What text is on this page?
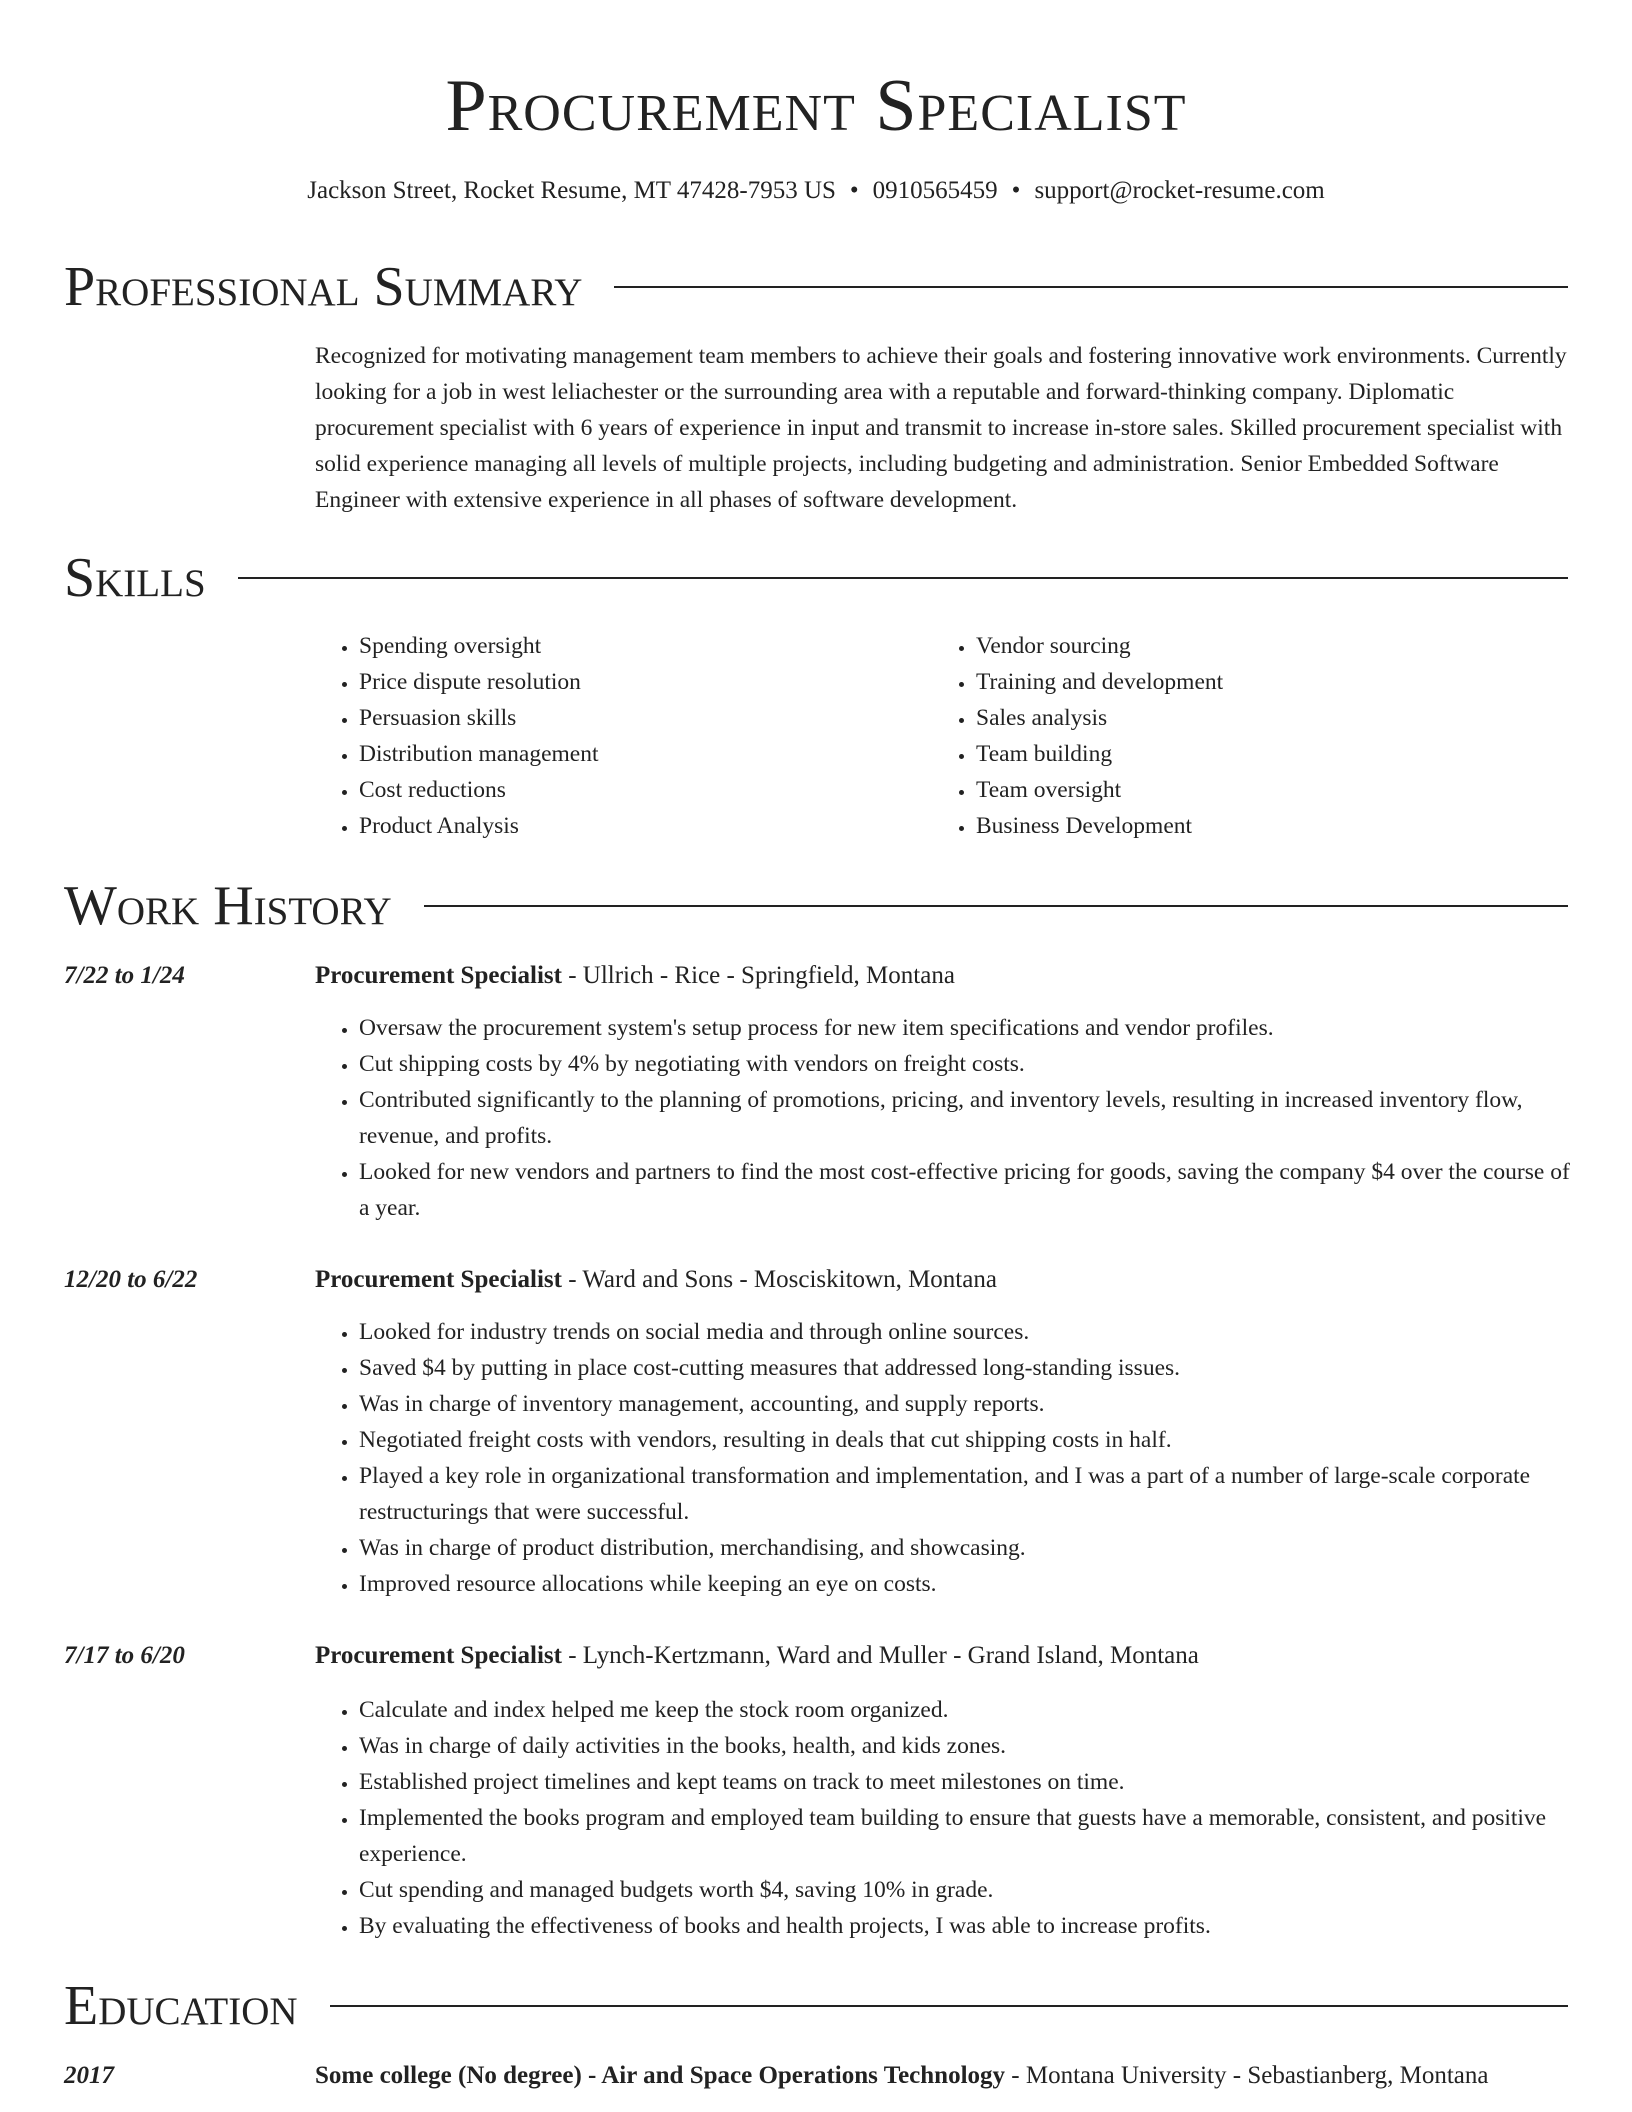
Procurement Specialist
Jackson Street, Rocket Resume, MT 47428-7953 US • 0910565459 • support@rocket-resume.com
Professional Summary

Recognized for motivating management team members to achieve their goals and fostering innovative work environments. Currently looking for a job in west leliachester or the surrounding area with a reputable and forward-thinking company. Diplomatic procurement specialist with 6 years of experience in input and transmit to increase in-store sales. Skilled procurement specialist with solid experience managing all levels of multiple projects, including budgeting and administration. Senior Embedded Software Engineer with extensive experience in all phases of software development.

Skills
• Spending oversight
• Price dispute resolution
• Persuasion skills
• Distribution management
• Cost reductions
• Product Analysis
• Vendor sourcing
• Training and development
• Sales analysis
• Team building
• Team oversight
• Business Development
Work History
7/22 to 1/24	Procurement Specialist - Ullrich - Rice - Springfield, Montana
• Oversaw the procurement system's setup process for new item specifications and vendor profiles.
• Cut shipping costs by 4% by negotiating with vendors on freight costs.
• Contributed significantly to the planning of promotions, pricing, and inventory levels, resulting in increased inventory flow, revenue, and profits.
• Looked for new vendors and partners to find the most cost-effective pricing for goods, saving the company $4 over the course of a year.
12/20 to 6/22	Procurement Specialist - Ward and Sons - Mosciskitown, Montana
• Looked for industry trends on social media and through online sources.
• Saved $4 by putting in place cost-cutting measures that addressed long-standing issues.
• Was in charge of inventory management, accounting, and supply reports.
• Negotiated freight costs with vendors, resulting in deals that cut shipping costs in half.
• Played a key role in organizational transformation and implementation, and I was a part of a number of large-scale corporate restructurings that were successful.
• Was in charge of product distribution, merchandising, and showcasing.
• Improved resource allocations while keeping an eye on costs.
7/17 to 6/20	Procurement Specialist - Lynch-Kertzmann, Ward and Muller - Grand Island, Montana
• Calculate and index helped me keep the stock room organized.
• Was in charge of daily activities in the books, health, and kids zones.
• Established project timelines and kept teams on track to meet milestones on time.
• Implemented the books program and employed team building to ensure that guests have a memorable, consistent, and positive experience.
• Cut spending and managed budgets worth $4, saving 10% in grade.
• By evaluating the effectiveness of books and health projects, I was able to increase profits.
Education
2017	Some college (No degree) - Air and Space Operations Technology - Montana University - Sebastianberg, Montana
